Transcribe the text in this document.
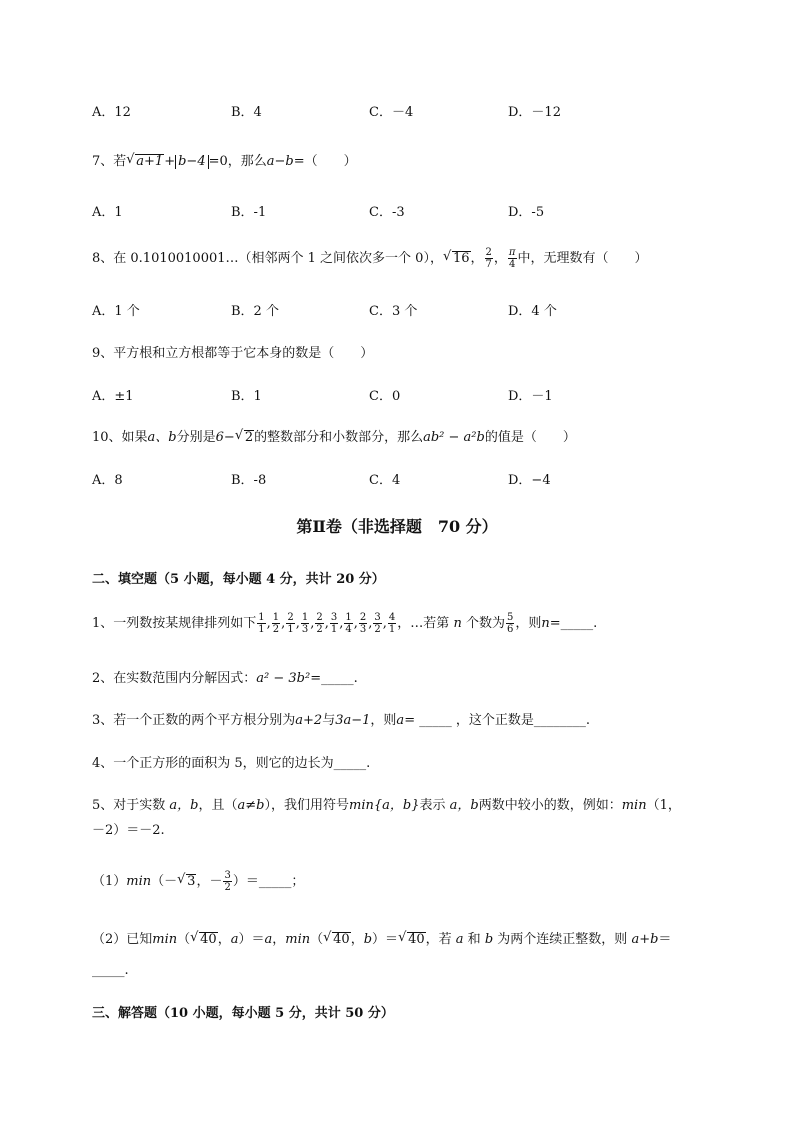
A．12	B．4	C．－4	D．－12
7、若 √ a+1+ b−4 =0，那么a−b=（　　）
A．1	B．-1	C．-3	D．-5
8、在 0.1010010001…（相邻两个 1 之间依次多一个 0）， √ 16， $\frac{2}{7}$ ， $\frac{\pi}{4}$ 中，无理数有（　　）
A．1 个	B．2 个	C．3 个	D．4 个
9、平方根和立方根都等于它本身的数是（　　）
A．±1	B．1	C．0	D．－1
10、如果a、b分别是6− √ 2的整数部分和小数部分，那么ab² − a²b的值是（　　）
A．8	B．-8	C．4	D．−4
第Ⅱ卷（非选择题　70 分）
二、填空题（5 小题，每小题 4 分，共计 20 分）
1、一列数按某规律排列如下 $\frac{1}{1}$ , $\frac{1}{2}$ , $\frac{2}{1}$ , $\frac{1}{3}$ , $\frac{2}{2}$ , $\frac{3}{1}$ , $\frac{1}{4}$ , $\frac{2}{3}$ , $\frac{3}{2}$ , $\frac{4}{1}$ ，…若第 n 个数为 $\frac{5}{6}$ ，则n=_____.
2、在实数范围内分解因式：a² − 3b²=_____.
3、若一个正数的两个平方根分别为a+2与3a−1，则a= _____ ，这个正数是________.
4、一个正方形的面积为 5，则它的边长为_____.
5、对于实数 a，b，且（a≠b），我们用符号min{a，b}表示 a，b两数中较小的数，例如：min（1，
－2）＝－2.
（1）min（－ √ 3，－ $\frac{3}{2}$ ）＝_____；
（2）已知min（ √ 40，a）＝a，min（ √ 40，b）＝ √ 40，若 a 和 b 为两个连续正整数，则 a+b＝
_____.
三、解答题（10 小题，每小题 5 分，共计 50 分）
